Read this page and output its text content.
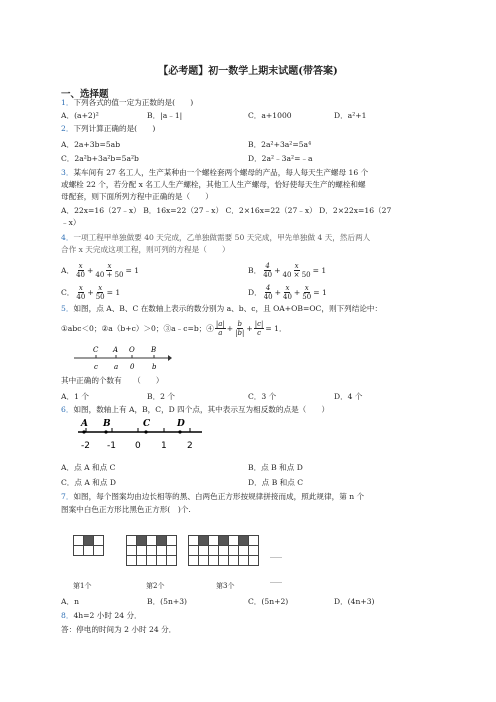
【必考题】初一数学上期末试题(带答案)
一、选择题
1．下列各式的值一定为正数的是(　　)
A．(a+2)²	B．|a﹣1|	C．a+1000	D．a²+1
2．下列计算正确的是(　　)
A．2a+3b=5ab	B．2a²+3a²=5a⁴
C．2a²b+3a²b=5a²b	D．2a²﹣3a²=﹣a
3．某车间有 27 名工人，生产某种由一个螺栓套两个螺母的产品，每人每天生产螺母 16 个
或螺栓 22 个，若分配 x 名工人生产螺栓，其他工人生产螺母，恰好使每天生产的螺栓和螺
母配套，则下面所列方程中正确的是（　　）
A．22x=16（27﹣x） B．16x=22（27﹣x） C．2×16x=22（27﹣x） D．2×22x=16（27
﹣x）
4．一项工程甲单独做要 40 天完成，乙单独做需要 50 天完成，甲先单独做 4 天，然后两人
合作 x 天完成这项工程，则可列的方程是（　　）
A． $\frac{x}{40} + \frac{x}{40 + 50} = 1$	B． $\frac{4}{40} + \frac{x}{40 \times 50} = 1$
C． $\frac{x}{40} + \frac{x}{50} = 1$	D． $\frac{4}{40} + \frac{x}{40} + \frac{x}{50} = 1$
5．如图，点 A、B、C 在数轴上表示的数分别为 a、b、c，且 OA+OB=OC，则下列结论中：
①abc＜0；②a（b+c）＞0；③a﹣c=b；④ $\frac{|a|}{a} + \frac{b}{|b|} + \frac{|c|}{c} = 1$．
C
c
A
a
O
0
B
b
其中正确的个数有　　（　　）
A．1 个	B．2 个	C．3 个	D．4 个
6．如图，数轴上有 A，B，C，D 四个点，其中表示互为相反数的点是（　　）
-2 -1 0 1 2
A B	C	D
A．点 A 和点 C	B．点 B 和点 D
C．点 A 和点 D	D．点 B 和点 C
7．如图，每个图案均由边长相等的黑、白两色正方形按规律拼接而成，照此规律，第 n 个
图案中白色正方形比黑色正方形(　)个.

第1个

					第2个

							第3个
……
……
A．n	B．(5n+3)	C．(5n+2)	D．(4n+3)
8．4h=2 小时 24 分．
答：停电的时间为 2 小时 24 分．
